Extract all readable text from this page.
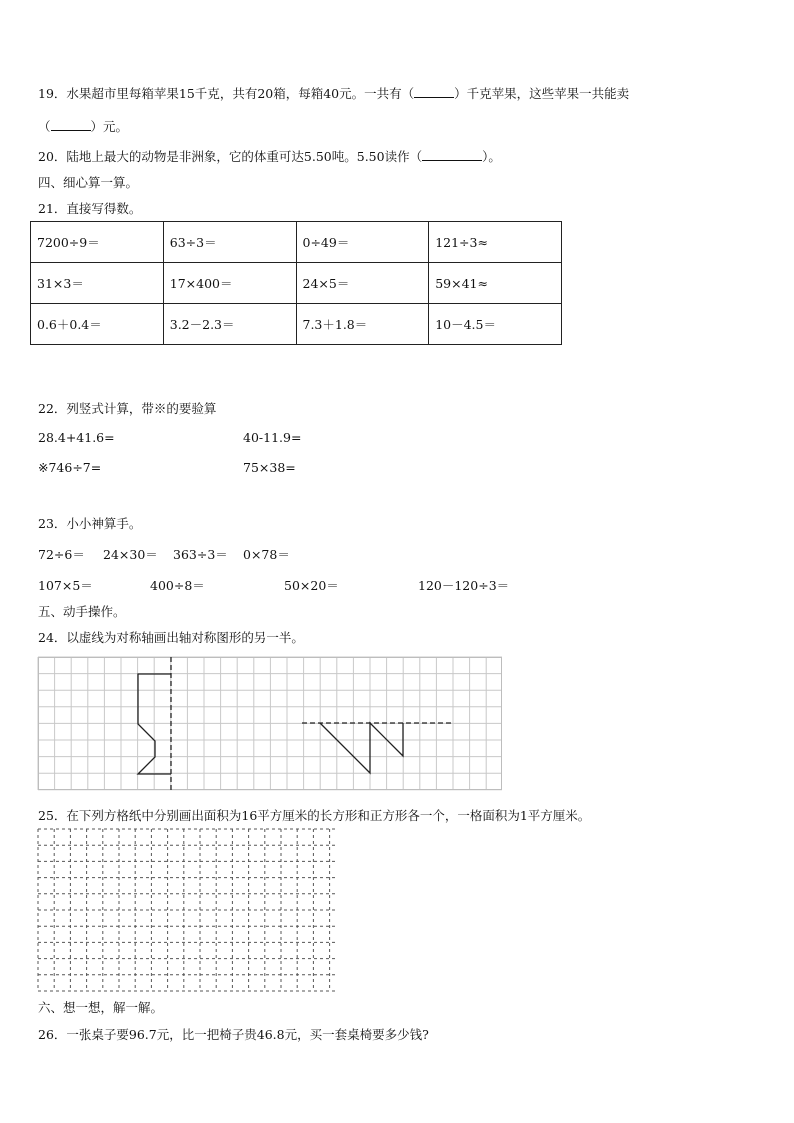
19．水果超市里每箱苹果15千克，共有20箱，每箱40元。一共有（	）千克苹果，这些苹果一共能卖
（	）元。
20．陆地上最大的动物是非洲象，它的体重可达5.50吨。5.50读作（	）。
四、细心算一算。
21．直接写得数。
7200÷9＝	63÷3＝	0÷49＝	121÷3≈
31×3＝	17×400＝	24×5＝	59×41≈
0.6＋0.4＝	3.2－2.3＝	7.3＋1.8＝	10－4.5＝
22．列竖式计算，带※的要验算
28.4+41.6=	40-11.9=
※746÷7=	75×38=
23．小小神算手。
72÷6＝ 24×30＝ 363÷3＝ 0×78＝
107×5＝	400÷8＝	50×20＝	120－120÷3＝
五、动手操作。
24．以虚线为对称轴画出轴对称图形的另一半。
25．在下列方格纸中分别画出面积为16平方厘米的长方形和正方形各一个，一格面积为1平方厘米。
六、想一想，解一解。
26．一张桌子要96.7元，比一把椅子贵46.8元，买一套桌椅要多少钱?
